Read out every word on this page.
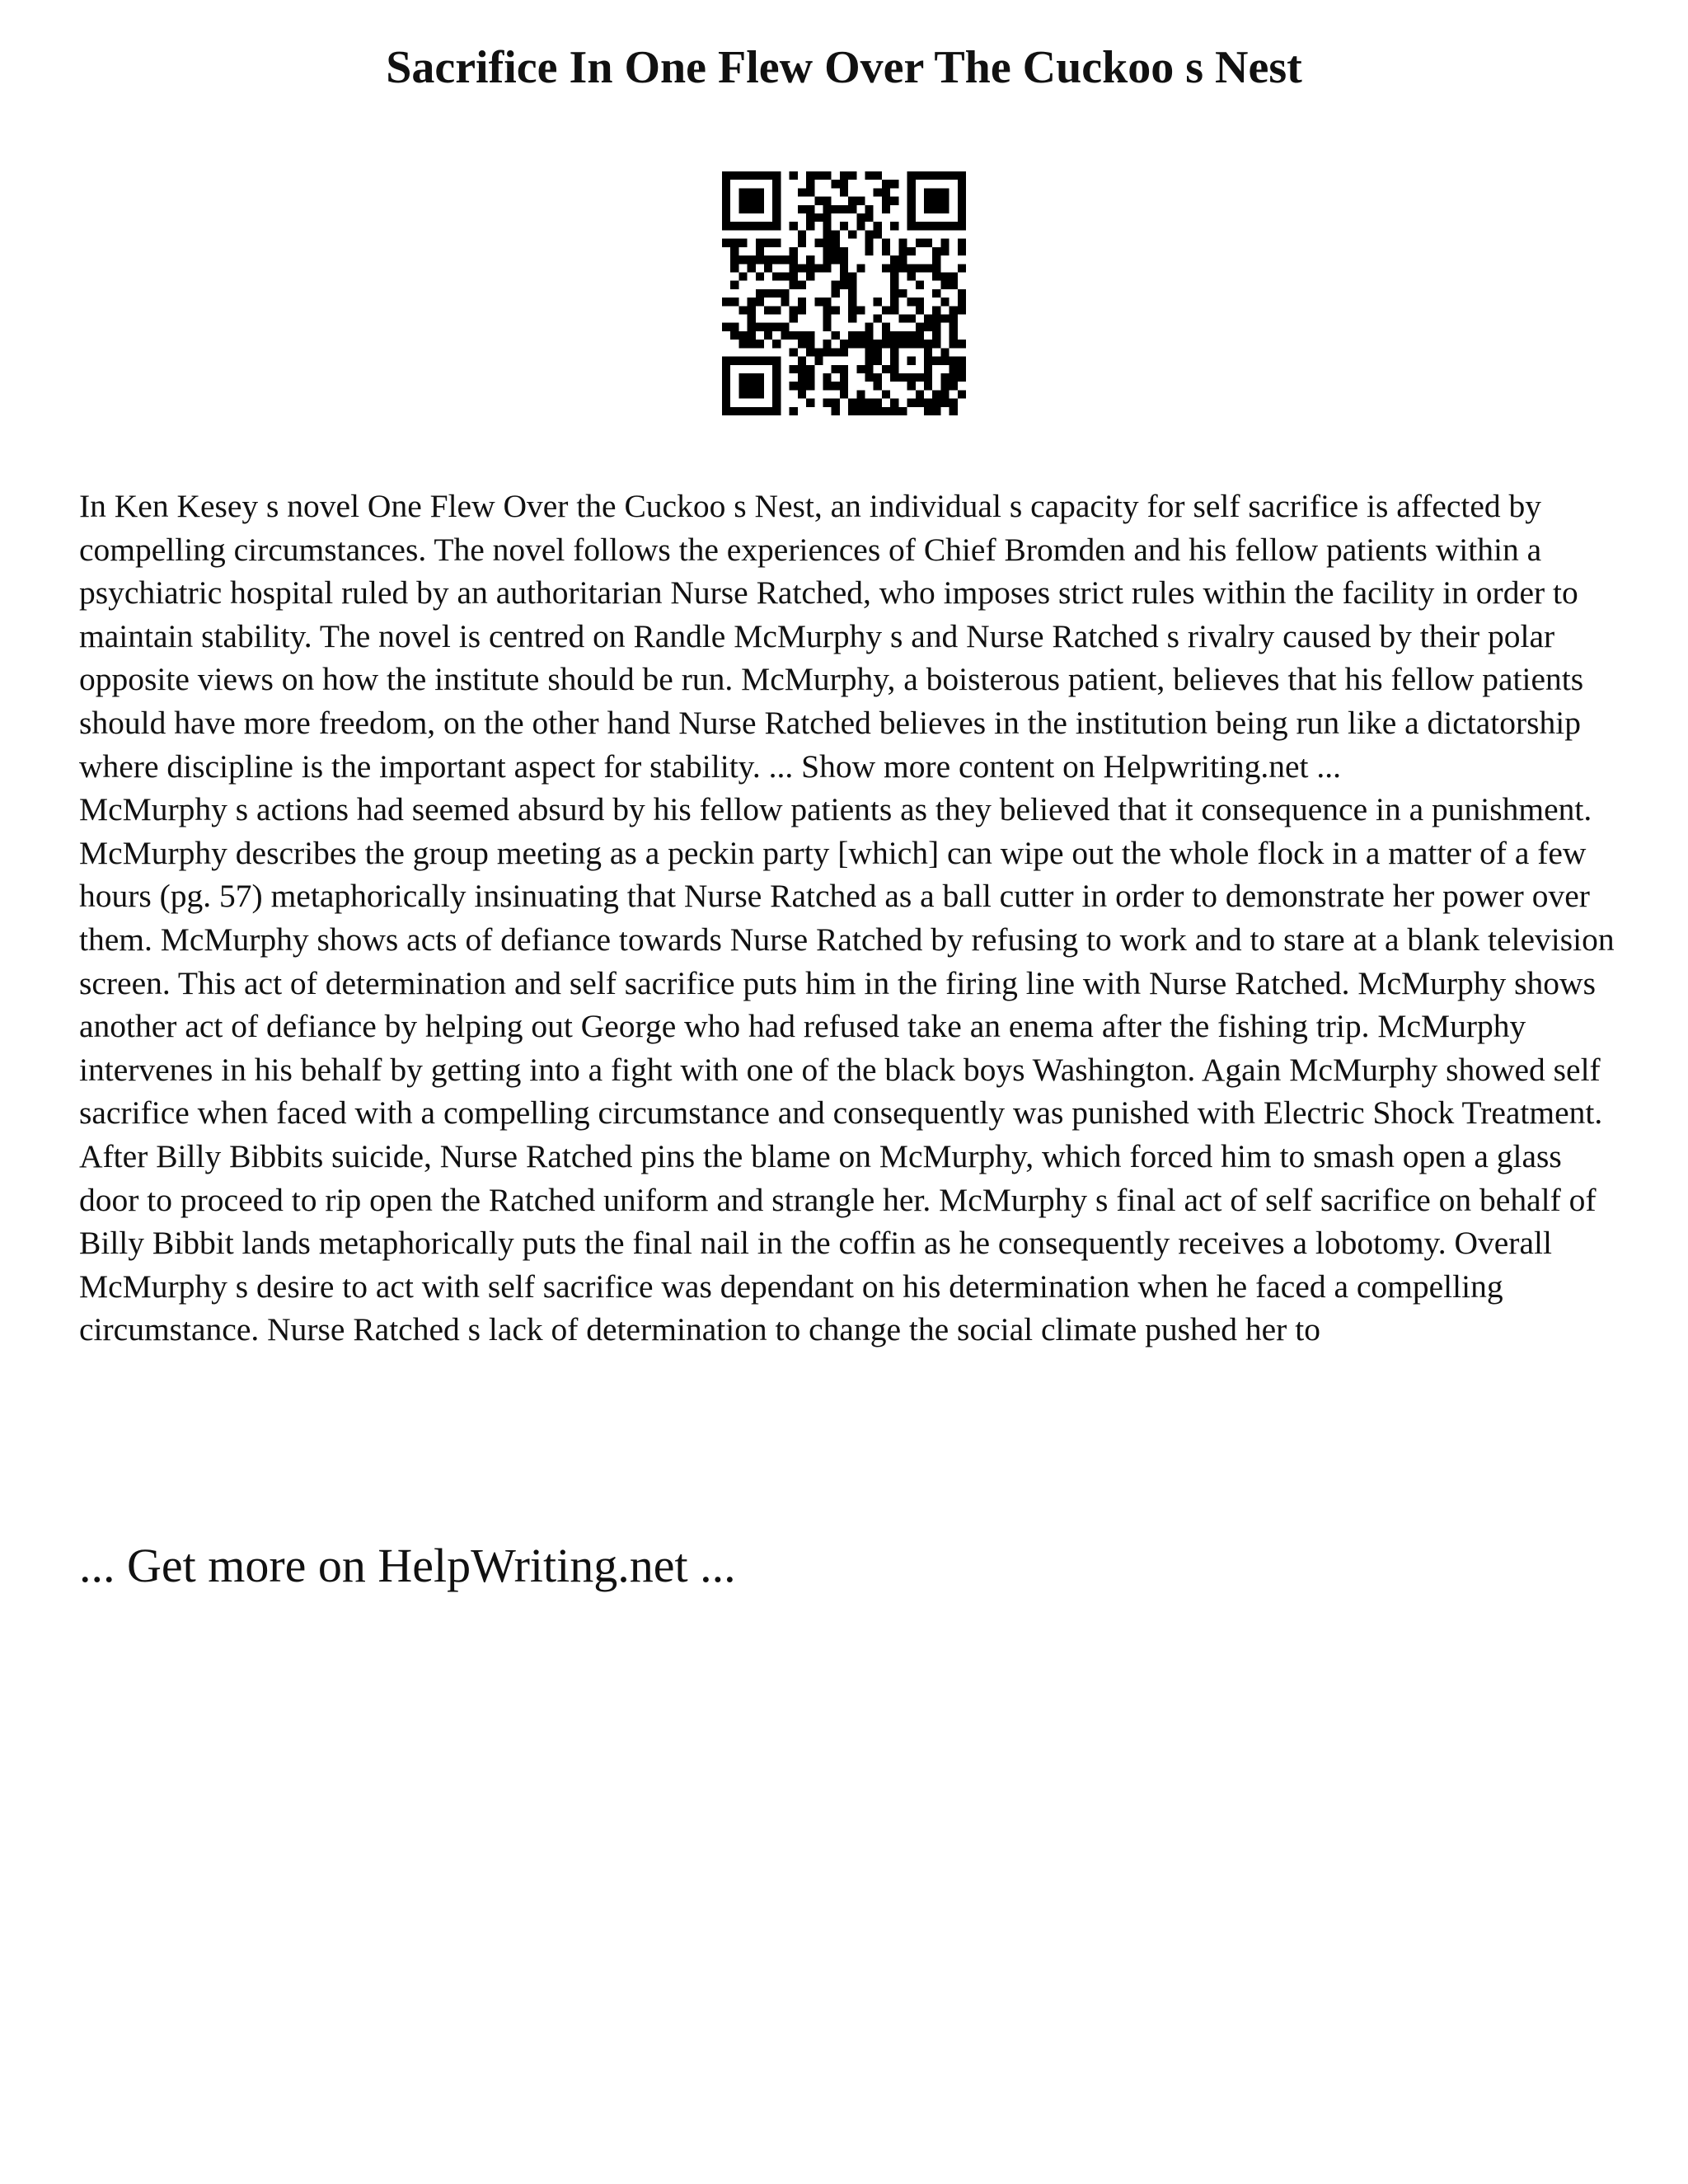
Sacrifice In One Flew Over The Cuckoo s Nest

In Ken Kesey s novel One Flew Over the Cuckoo s Nest, an individual s capacity for self sacrifice is affected by compelling circumstances. The novel follows the experiences of Chief Bromden and his fellow patients within a psychiatric hospital ruled by an authoritarian Nurse Ratched, who imposes strict rules within the facility in order to maintain stability. The novel is centred on Randle McMurphy s and Nurse Ratched s rivalry caused by their polar opposite views on how the institute should be run. McMurphy, a boisterous patient, believes that his fellow patients should have more freedom, on the other hand Nurse Ratched believes in the institution being run like a dictatorship where discipline is the important aspect for stability. ... Show more content on Helpwriting.net ...

McMurphy s actions had seemed absurd by his fellow patients as they believed that it consequence in a punishment. McMurphy describes the group meeting as a peckin party [which] can wipe out the whole flock in a matter of a few hours (pg. 57) metaphorically insinuating that Nurse Ratched as a ball cutter in order to demonstrate her power over them. McMurphy shows acts of defiance towards Nurse Ratched by refusing to work and to stare at a blank television screen. This act of determination and self sacrifice puts him in the firing line with Nurse Ratched. McMurphy shows another act of defiance by helping out George who had refused take an enema after the fishing trip. McMurphy intervenes in his behalf by getting into a fight with one of the black boys Washington. Again McMurphy showed self sacrifice when faced with a compelling circumstance and consequently was punished with Electric Shock Treatment. After Billy Bibbits suicide, Nurse Ratched pins the blame on McMurphy, which forced him to smash open a glass door to proceed to rip open the Ratched uniform and strangle her. McMurphy s final act of self sacrifice on behalf of Billy Bibbit lands metaphorically puts the final nail in the coffin as he consequently receives a lobotomy. Overall McMurphy s desire to act with self sacrifice was dependant on his determination when he faced a compelling circumstance. Nurse Ratched s lack of determination to change the social climate pushed her to

... Get more on HelpWriting.net ...
